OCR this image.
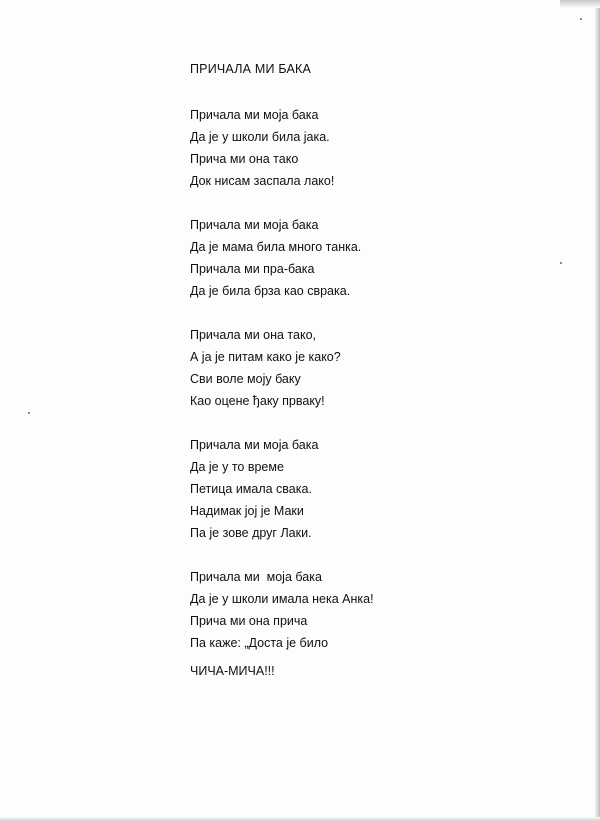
ПРИЧАЛА МИ БАКА
Причала ми моја бака
Да је у школи била јака.
Прича ми она тако
Док нисам заспала лако!
Причала ми моја бака
Да је мама била много танка.
Причала ми пра-бака
Да је била брза као сврака.
Причала ми она тако,
А ја је питам како је како?
Сви воле моју баку
Као оцене ђаку прваку!
Причала ми моја бака
Да је у то време
Петица имала свака.
Надимак јој је Маки
Па је зове друг Лаки.
Причала ми  моја бака
Да је у школи имала нека Анка!
Прича ми она прича
Па каже: „Доста је било

ЧИЧА-МИЧА!!!
